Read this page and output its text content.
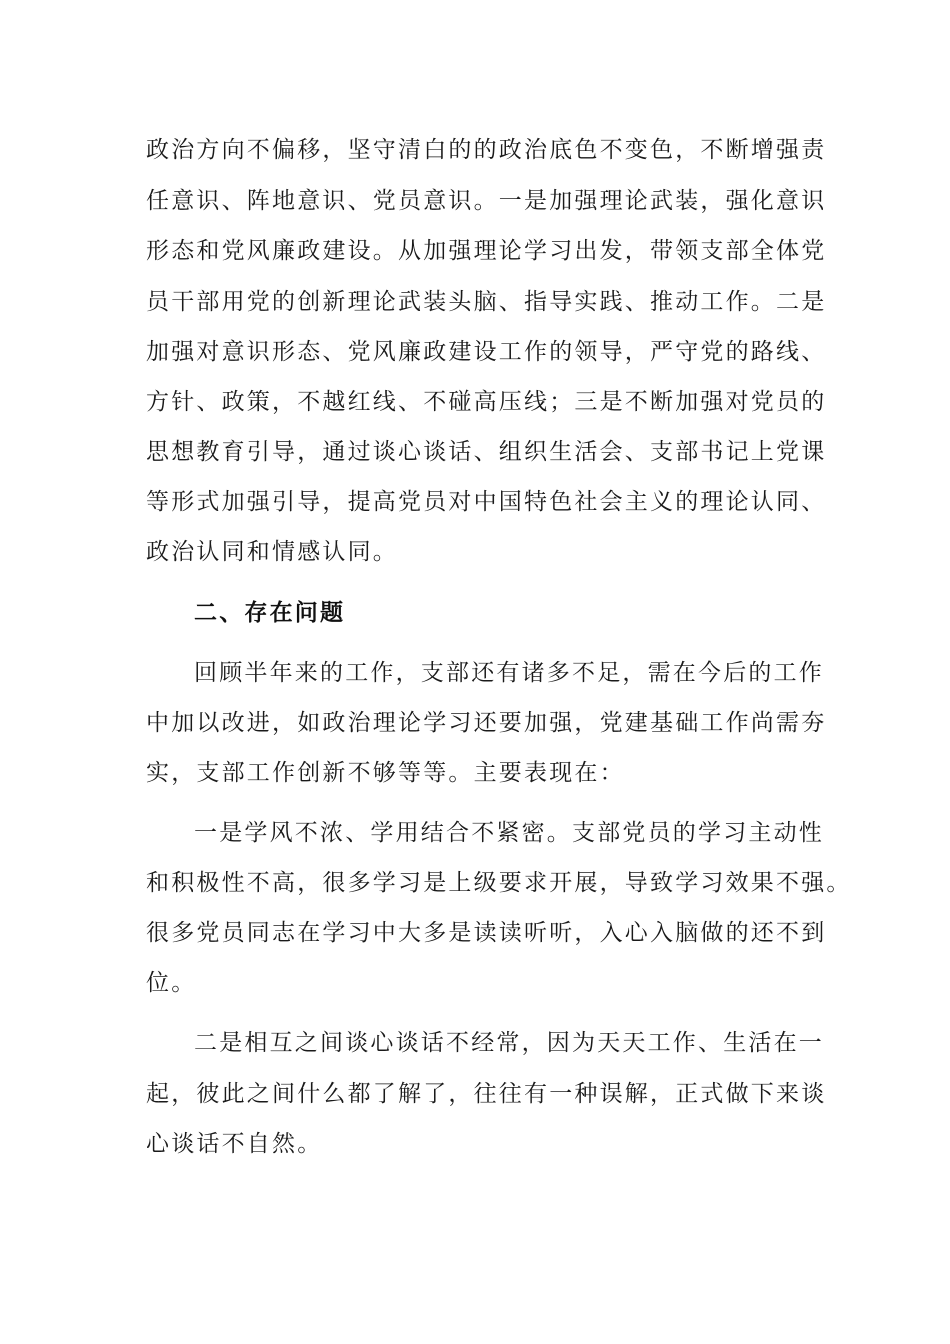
政治方向不偏移，坚守清白的的政治底色不变色，不断增强责
任意识、阵地意识、党员意识。一是加强理论武装，强化意识
形态和党风廉政建设。从加强理论学习出发，带领支部全体党
员干部用党的创新理论武装头脑、指导实践、推动工作。二是
加强对意识形态、党风廉政建设工作的领导，严守党的路线、
方针、政策，不越红线、不碰高压线；三是不断加强对党员的
思想教育引导，通过谈心谈话、组织生活会、支部书记上党课
等形式加强引导，提高党员对中国特色社会主义的理论认同、
政治认同和情感认同。
二、存在问题
回顾半年来的工作，支部还有诸多不足，需在今后的工作
中加以改进，如政治理论学习还要加强，党建基础工作尚需夯
实，支部工作创新不够等等。主要表现在：
一是学风不浓、学用结合不紧密。支部党员的学习主动性
和积极性不高，很多学习是上级要求开展，导致学习效果不强。
很多党员同志在学习中大多是读读听听，入心入脑做的还不到
位。
二是相互之间谈心谈话不经常，因为天天工作、生活在一
起，彼此之间什么都了解了，往往有一种误解，正式做下来谈
心谈话不自然。
